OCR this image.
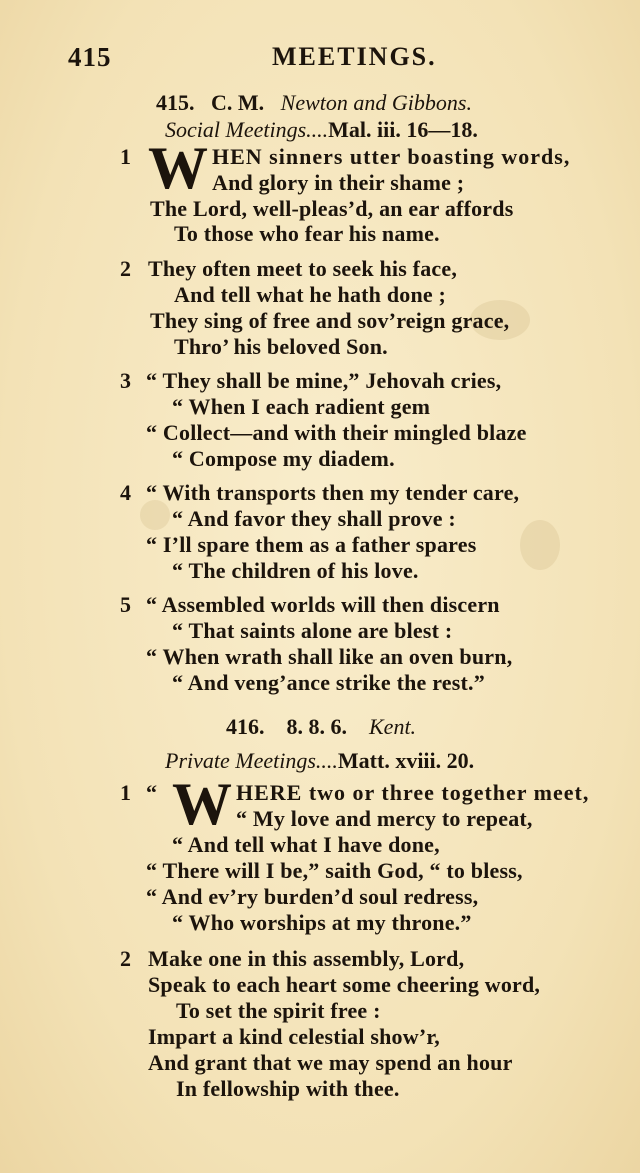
415	MEETINGS.
415. C. M. Newton and Gibbons.
Social Meetings....Mal. iii. 16—18.
1 W HEN sinners utter boasting words,
And glory in their shame ;
The Lord, well-pleas’d, an ear affords
To those who fear his name.
2 They often meet to seek his face,
And tell what he hath done ;
They sing of free and sov’reign grace,
Thro’ his beloved Son.
3 “ They shall be mine,” Jehovah cries,
“ When I each radient gem
“ Collect—and with their mingled blaze
“ Compose my diadem.
4 “ With transports then my tender care,
“ And favor they shall prove :
“ I’ll spare them as a father spares
“ The children of his love.
5 “ Assembled worlds will then discern
“ That saints alone are blest :
“ When wrath shall like an oven burn,
“ And veng’ance strike the rest.”
416. 8. 8. 6. Kent.
Private Meetings....Matt. xviii. 20.
1 “ W HERE two or three together meet,
“ My love and mercy to repeat,
“ And tell what I have done,
“ There will I be,” saith God, “ to bless,
“ And ev’ry burden’d soul redress,
“ Who worships at my throne.”
2 Make one in this assembly, Lord,
Speak to each heart some cheering word,
To set the spirit free :
Impart a kind celestial show’r,
And grant that we may spend an hour
In fellowship with thee.
